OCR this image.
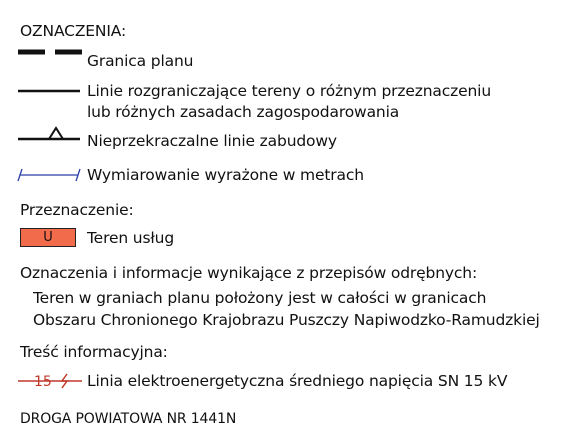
OZNACZENIA:
Granica planu
Linie rozgraniczające tereny o różnym przeznaczeniu
lub różnych zasadach zagospodarowania
Nieprzekraczalne linie zabudowy
Wymiarowanie wyrażone w metrach
Przeznaczenie:
U	Teren usług
Oznaczenia i informacje wynikające z przepisów odrębnych:
Teren w graniach planu położony jest w całości w granicach
Obszaru Chronionego Krajobrazu Puszczy Napiwodzko-Ramudzkiej
Treść informacyjna:
15 Linia elektroenergetyczna średniego napięcia SN 15 kV
DROGA POWIATOWA NR 1441N
